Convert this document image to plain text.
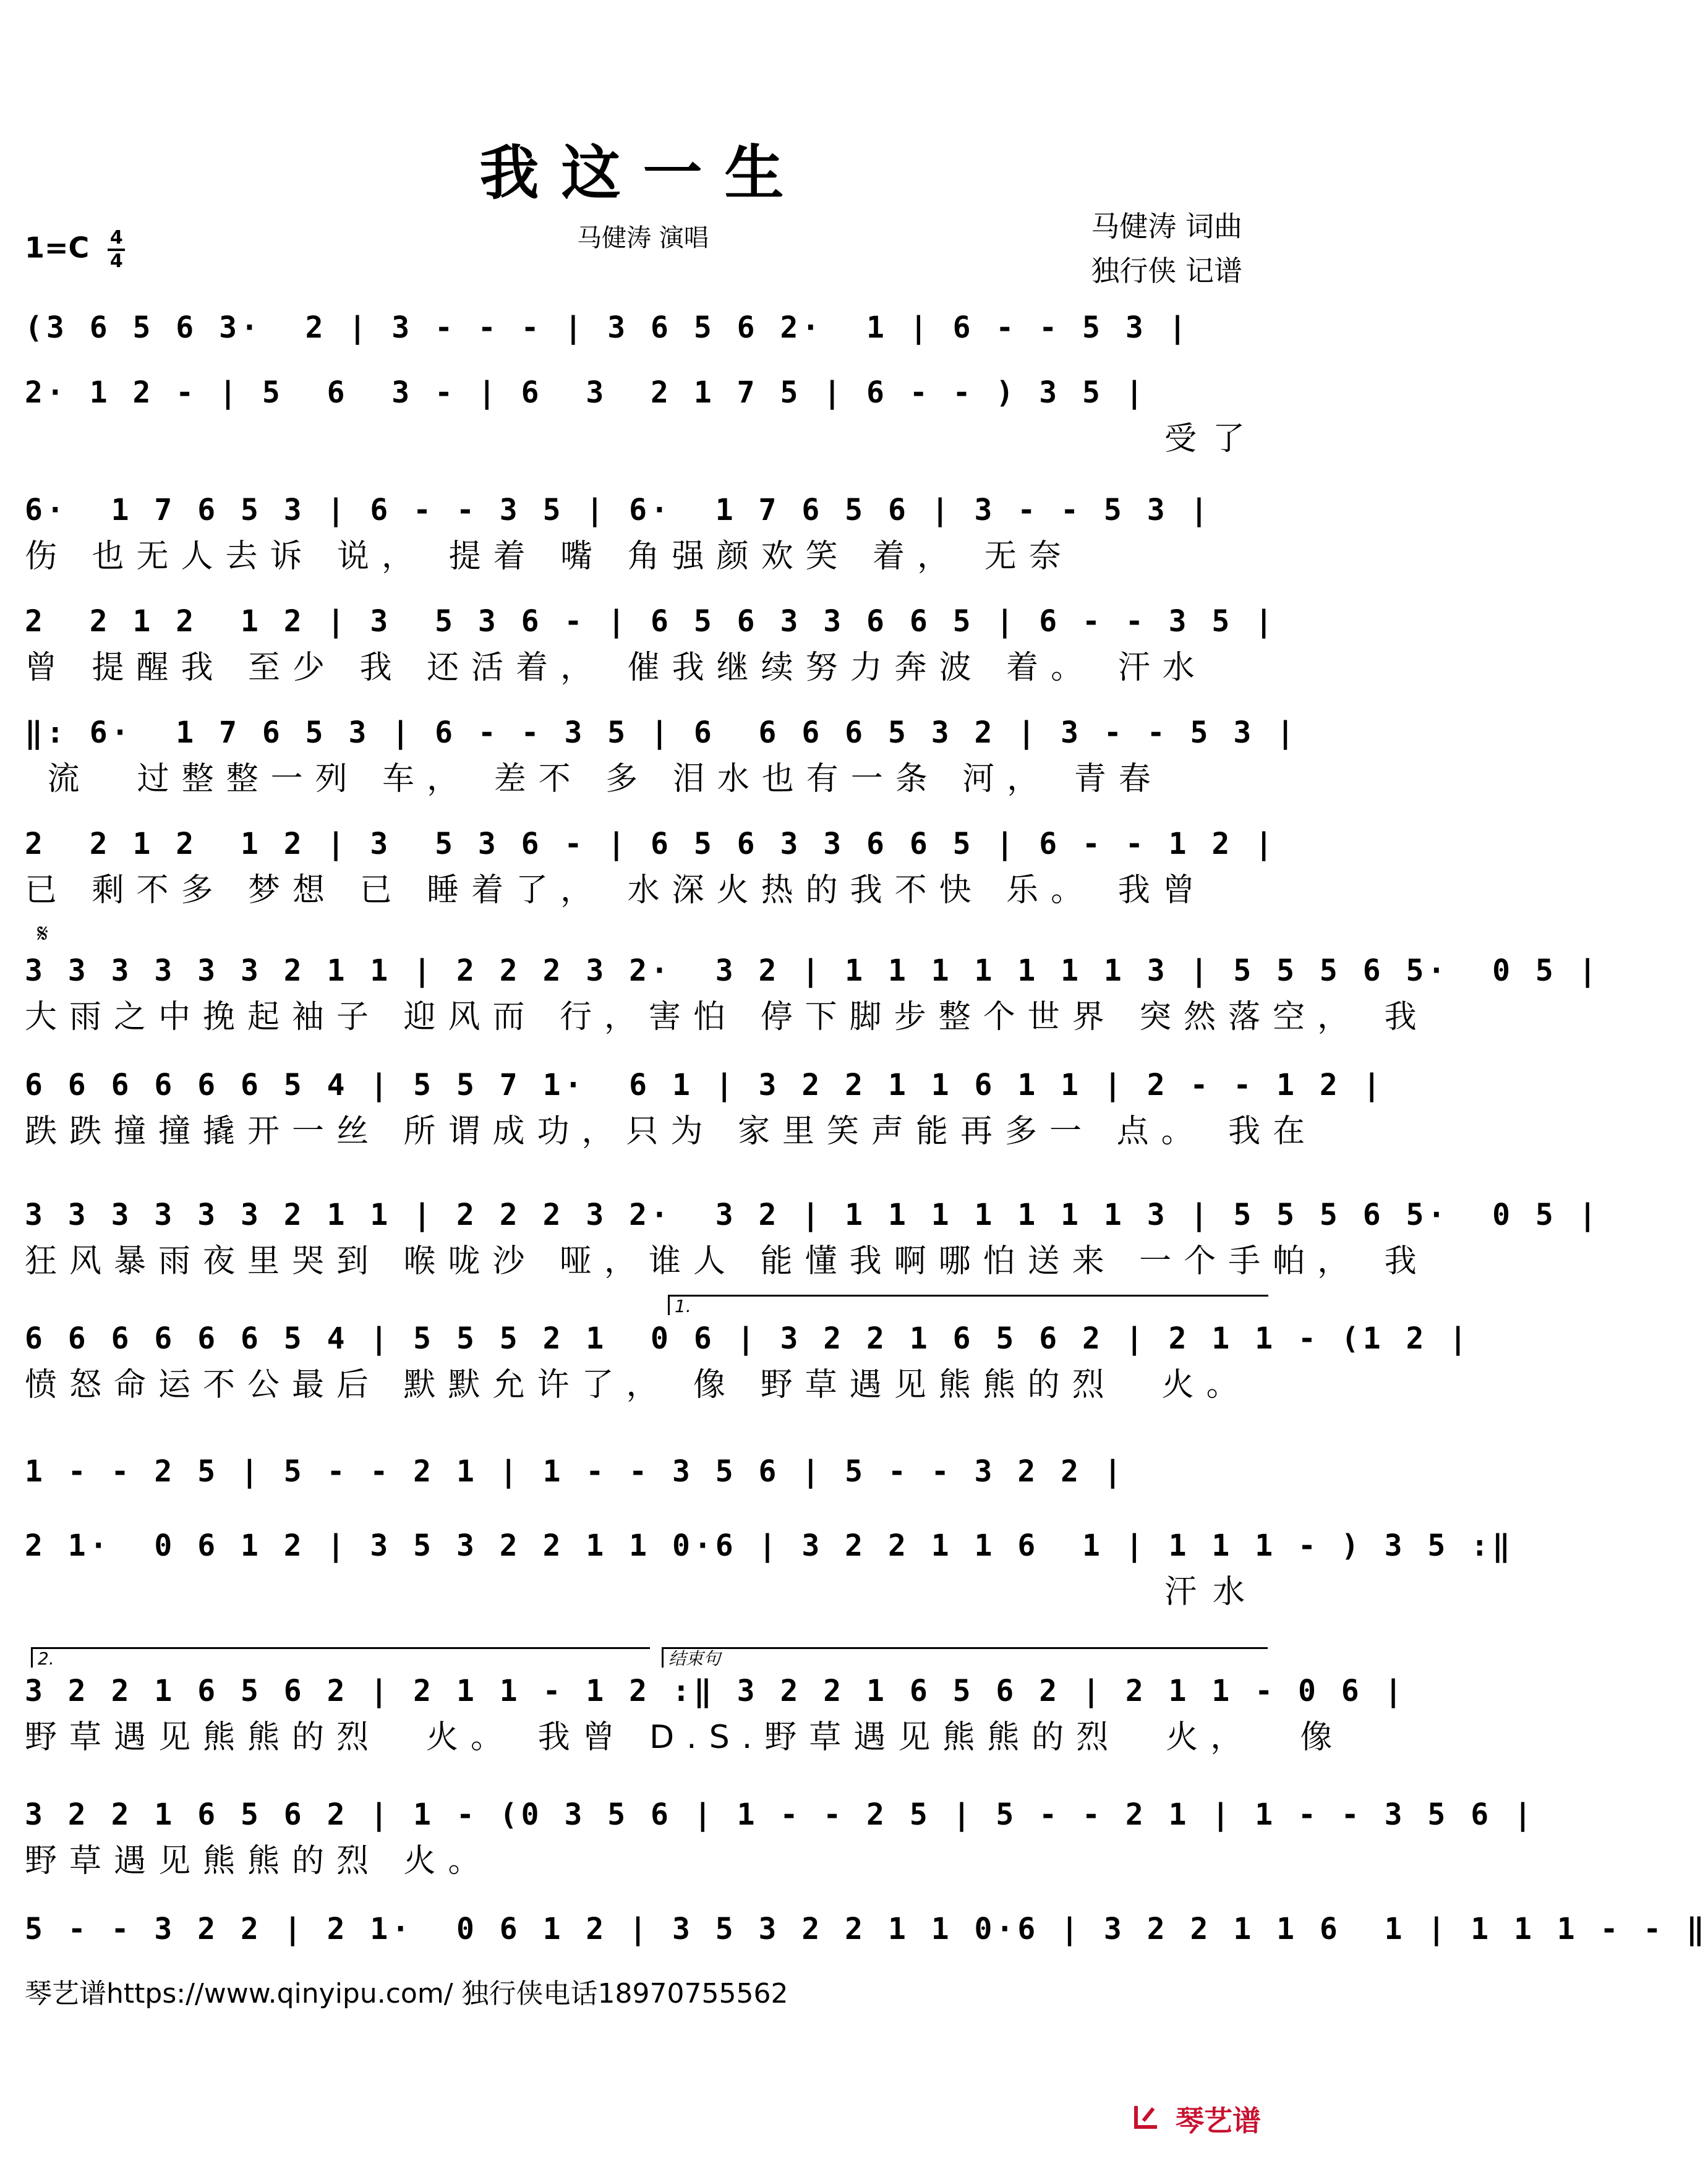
我这一生
马健涛 演唱
$1=C \frac{4}{4}$
马健涛 词曲
独行侠 记谱
(3 6 5 6 3·  2 | 3 - - - | 3 6 5 6 2·  1 | 6 - - 5 3 |
2· 1 2 - | 5  6  3 - | 6  3  2 1 7 5 | 6 - - ) 3 5 |
受了
6·  1 7 6 5 3 | 6 - - 3 5 | 6·  1 7 6 5 6 | 3 - - 5 3 |
伤 也无人去诉 说， 提着 嘴 角强颜欢笑 着， 无奈
2  2 1 2  1 2 | 3  5 3 6 - | 6 5 6 3 3 6 6 5 | 6 - - 3 5 |
曾 提醒我 至少 我 还活着， 催我继续努力奔波 着。 汗水
‖: 6·  1 7 6 5 3 | 6 - - 3 5 | 6  6 6 6 5 3 2 | 3 - - 5 3 |
流  过整整一列 车， 差不 多 泪水也有一条 河， 青春
2  2 1 2  1 2 | 3  5 3 6 - | 6 5 6 3 3 6 6 5 | 6 - - 1 2 |
已 剩不多 梦想 已 睡着了， 水深火热的我不快 乐。 我曾
𝄋
3 3 3 3 3 3 2 1 1 | 2 2 2 3 2·  3 2 | 1 1 1 1 1 1 1 3 | 5 5 5 6 5·  0 5 |
大雨之中挽起袖子 迎风而 行，害怕 停下脚步整个世界 突然落空， 我
6 6 6 6 6 6 5 4 | 5 5 7 1·  6 1 | 3 2 2 1 1 6 1 1 | 2 - - 1 2 |
跌跌撞撞撬开一丝 所谓成功，只为 家里笑声能再多一 点。 我在
3 3 3 3 3 3 2 1 1 | 2 2 2 3 2·  3 2 | 1 1 1 1 1 1 1 3 | 5 5 5 6 5·  0 5 |
狂风暴雨夜里哭到 喉咙沙 哑，谁人 能懂我啊哪怕送来 一个手帕， 我
1.
6 6 6 6 6 6 5 4 | 5 5 5 2 1  0 6 | 3 2 2 1 6 5 6 2 | 2 1 1 - (1 2 |
愤怒命运不公最后 默默允许了， 像 野草遇见熊熊的烈  火。
1 - - 2 5 | 5 - - 2 1 | 1 - - 3 5 6 | 5 - - 3 2 2 |
2 1·  0 6 1 2 | 3 5 3 2 2 1 1 0·6 | 3 2 2 1 1 6  1 | 1 1 1 - ) 3 5 :‖
汗水
2.	结束句
3 2 2 1 6 5 6 2 | 2 1 1 - 1 2 :‖ 3 2 2 1 6 5 6 2 | 2 1 1 - 0 6 |
野草遇见熊熊的烈  火。 我曾 D.S.野草遇见熊熊的烈  火，  像
3 2 2 1 6 5 6 2 | 1 - (0 3 5 6 | 1 - - 2 5 | 5 - - 2 1 | 1 - - 3 5 6 |
野草遇见熊熊的烈 火。
5 - - 3 2 2 | 2 1·  0 6 1 2 | 3 5 3 2 2 1 1 0·6 | 3 2 2 1 1 6  1 | 1 1 1 - - ‖
琴艺谱https://www.qinyipu.com/ 独行侠电话18970755562
琴艺谱
